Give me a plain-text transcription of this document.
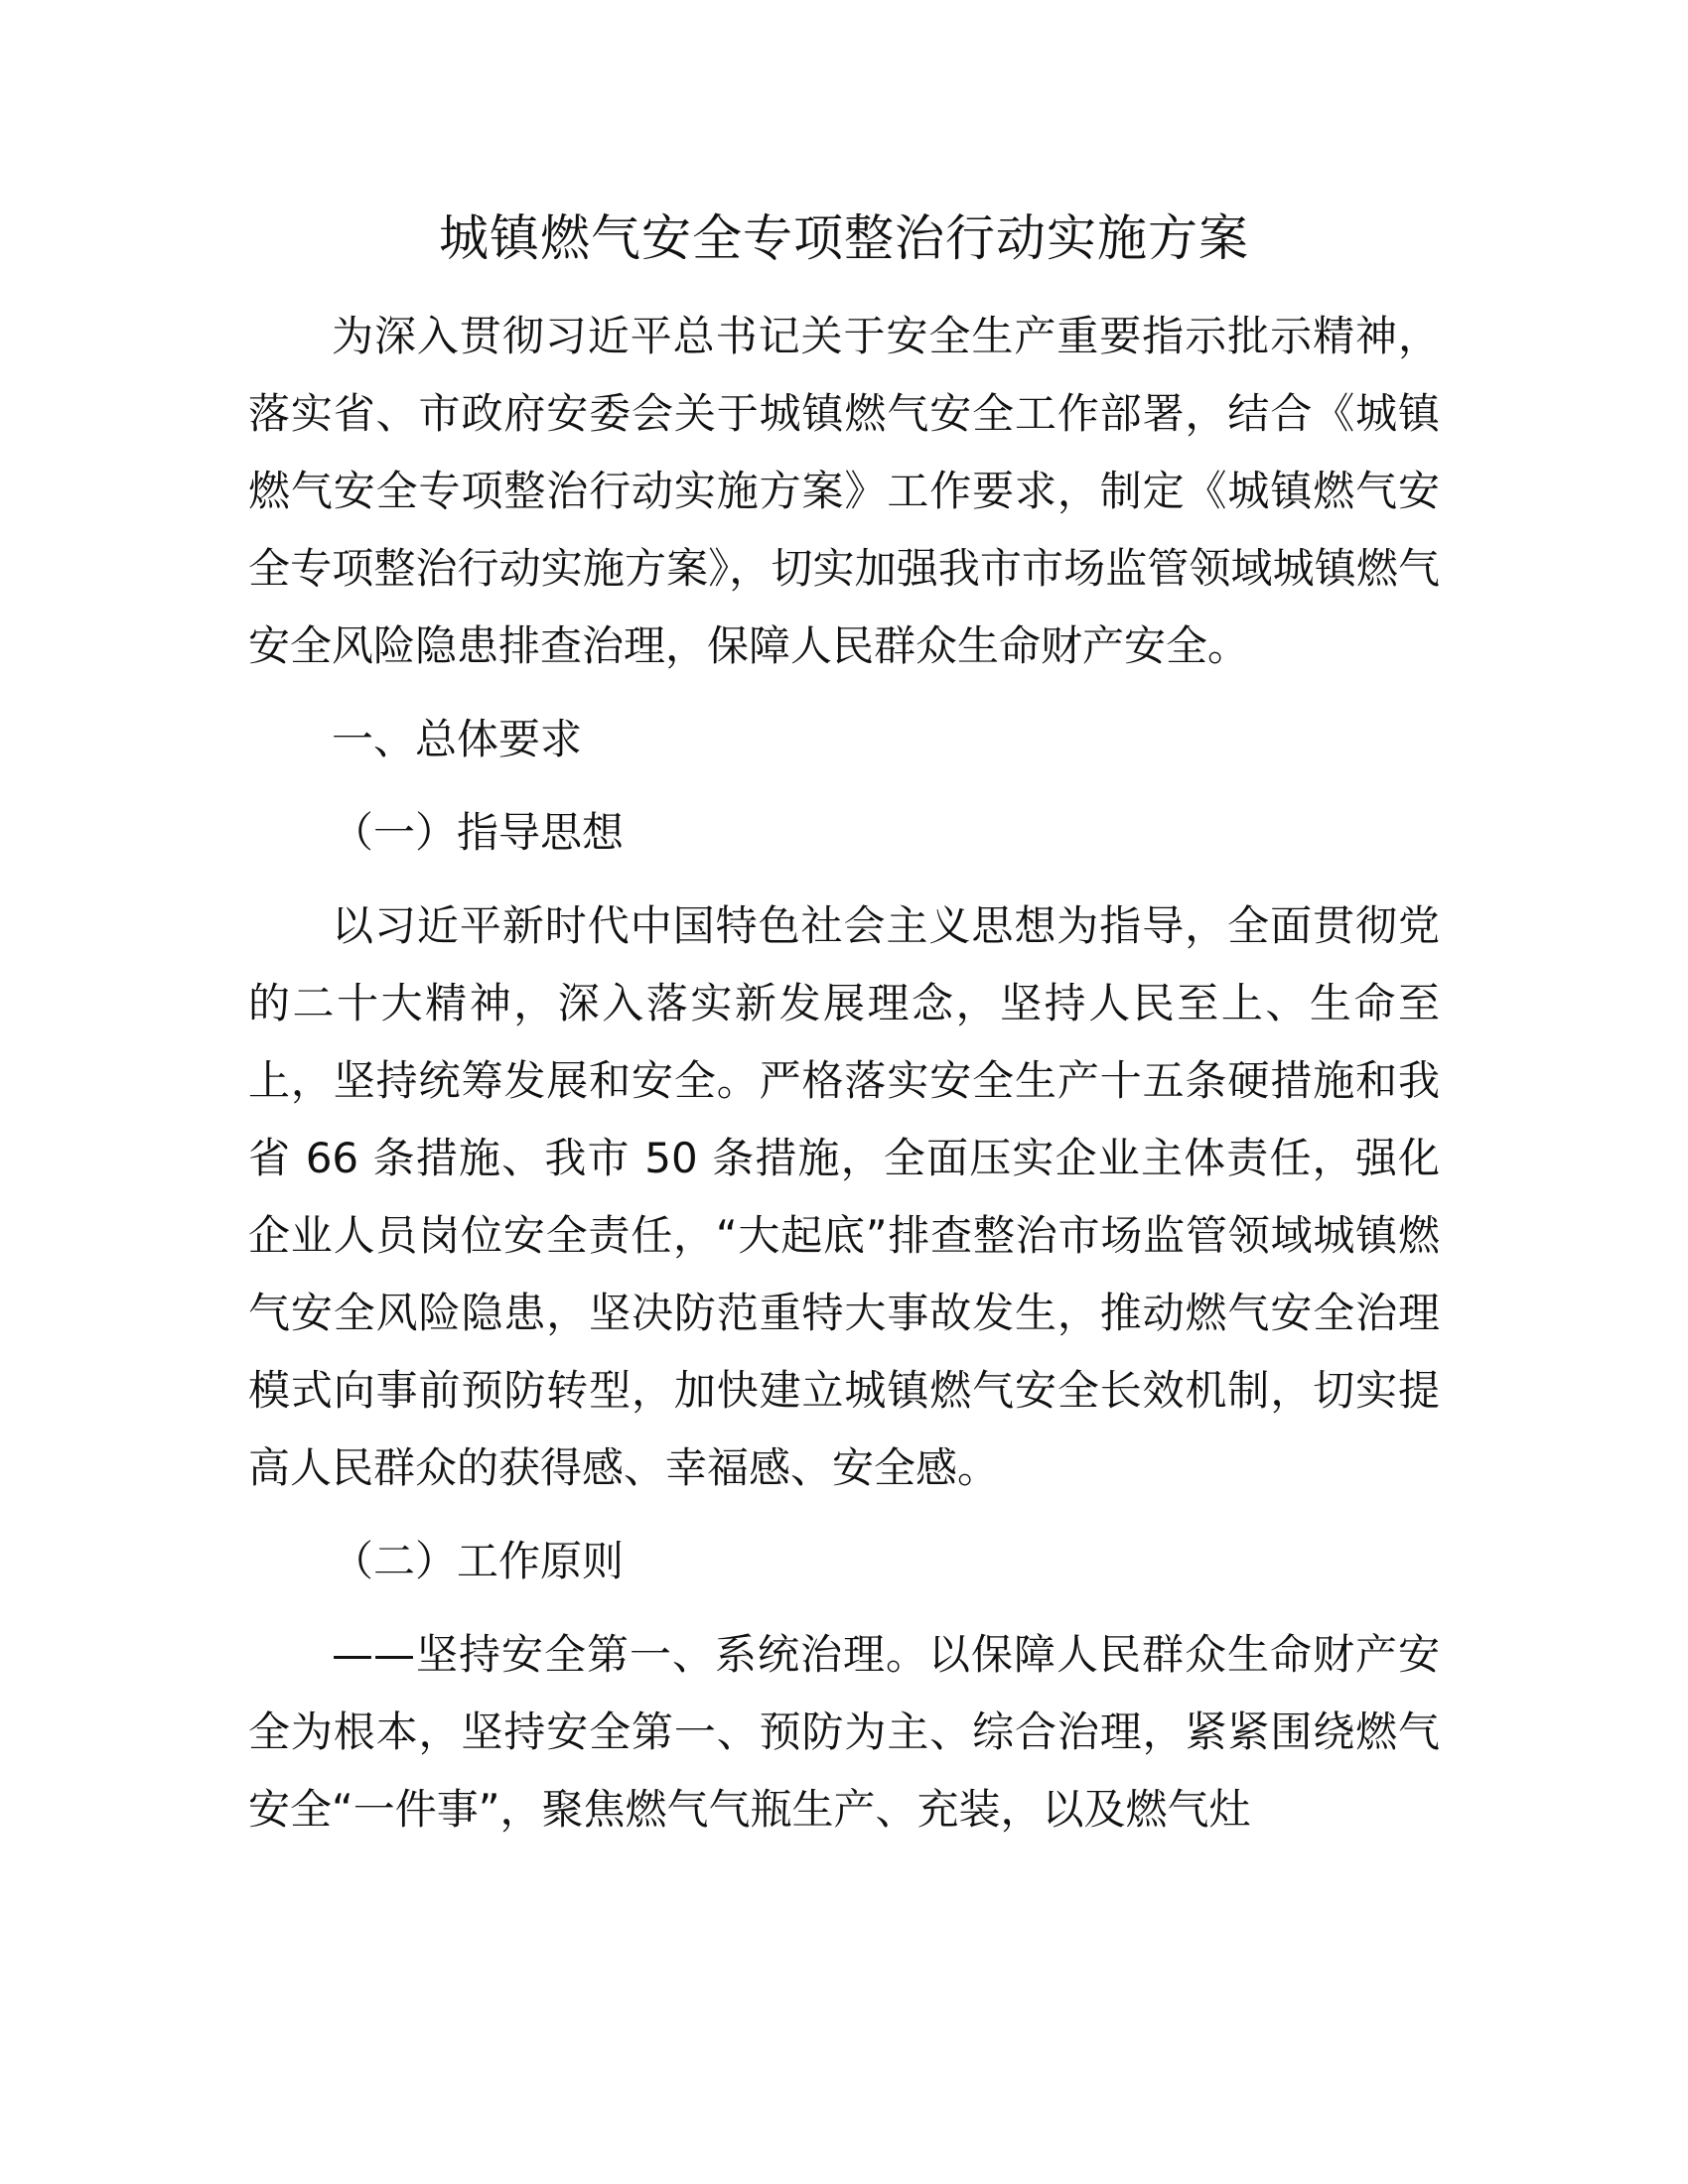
城镇燃气安全专项整治行动实施方案

为深入贯彻习近平总书记关于安全生产重要指示批示精神，落实省、市政府安委会关于城镇燃气安全工作部署，结合《城镇燃气安全专项整治行动实施方案》工作要求，制定《城镇燃气安全专项整治行动实施方案》，切实加强我市市场监管领域城镇燃气安全风险隐患排查治理，保障人民群众生命财产安全。

一、总体要求

（一）指导思想

以习近平新时代中国特色社会主义思想为指导，全面贯彻党的二十大精神，深入落实新发展理念，坚持人民至上、生命至上，坚持统筹发展和安全。严格落实安全生产十五条硬措施和我省 66 条措施、我市 50 条措施，全面压实企业主体责任，强化企业人员岗位安全责任，“大起底”排查整治市场监管领域城镇燃气安全风险隐患，坚决防范重特大事故发生，推动燃气安全治理模式向事前预防转型，加快建立城镇燃气安全长效机制，切实提高人民群众的获得感、幸福感、安全感。

（二）工作原则

——坚持安全第一、系统治理。以保障人民群众生命财产安全为根本，坚持安全第一、预防为主、综合治理，紧紧围绕燃气安全“一件事”，聚焦燃气气瓶生产、充装，以及燃气灶
